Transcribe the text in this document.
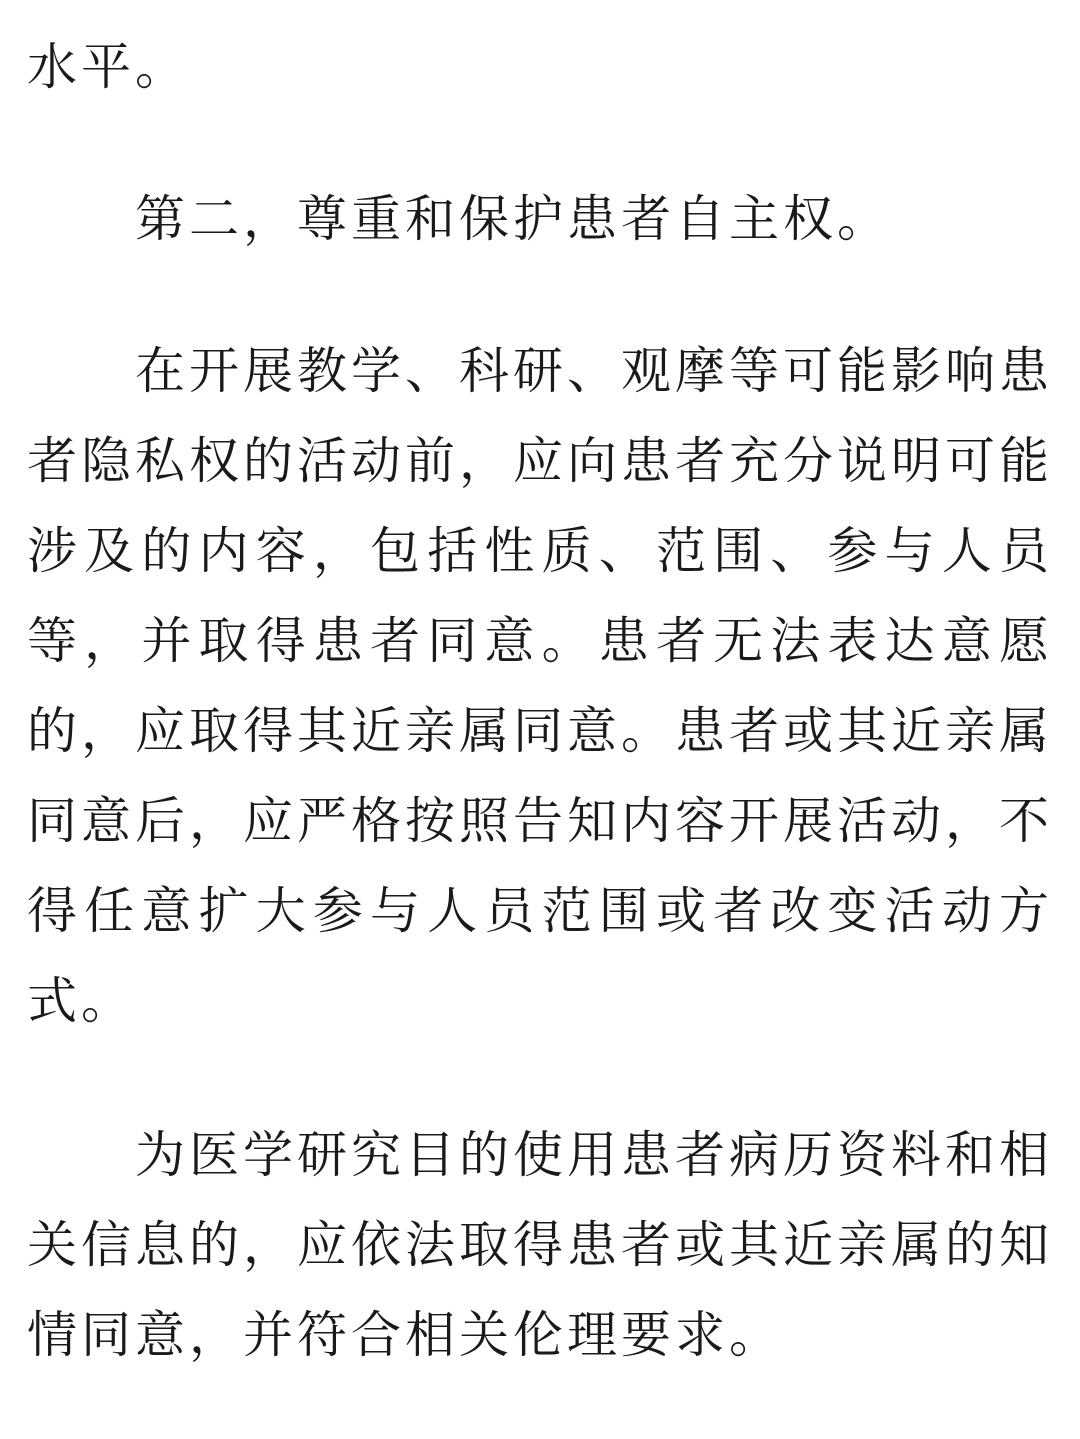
水平。

第二，尊重和保护患者自主权。

在开展教学、科研、观摩等可能影响患者隐私权的活动前，应向患者充分说明可能涉及的内容，包括性质、范围、参与人员等，并取得患者同意。患者无法表达意愿的，应取得其近亲属同意。患者或其近亲属同意后，应严格按照告知内容开展活动，不得任意扩大参与人员范围或者改变活动方式。

为医学研究目的使用患者病历资料和相关信息的，应依法取得患者或其近亲属的知情同意，并符合相关伦理要求。
